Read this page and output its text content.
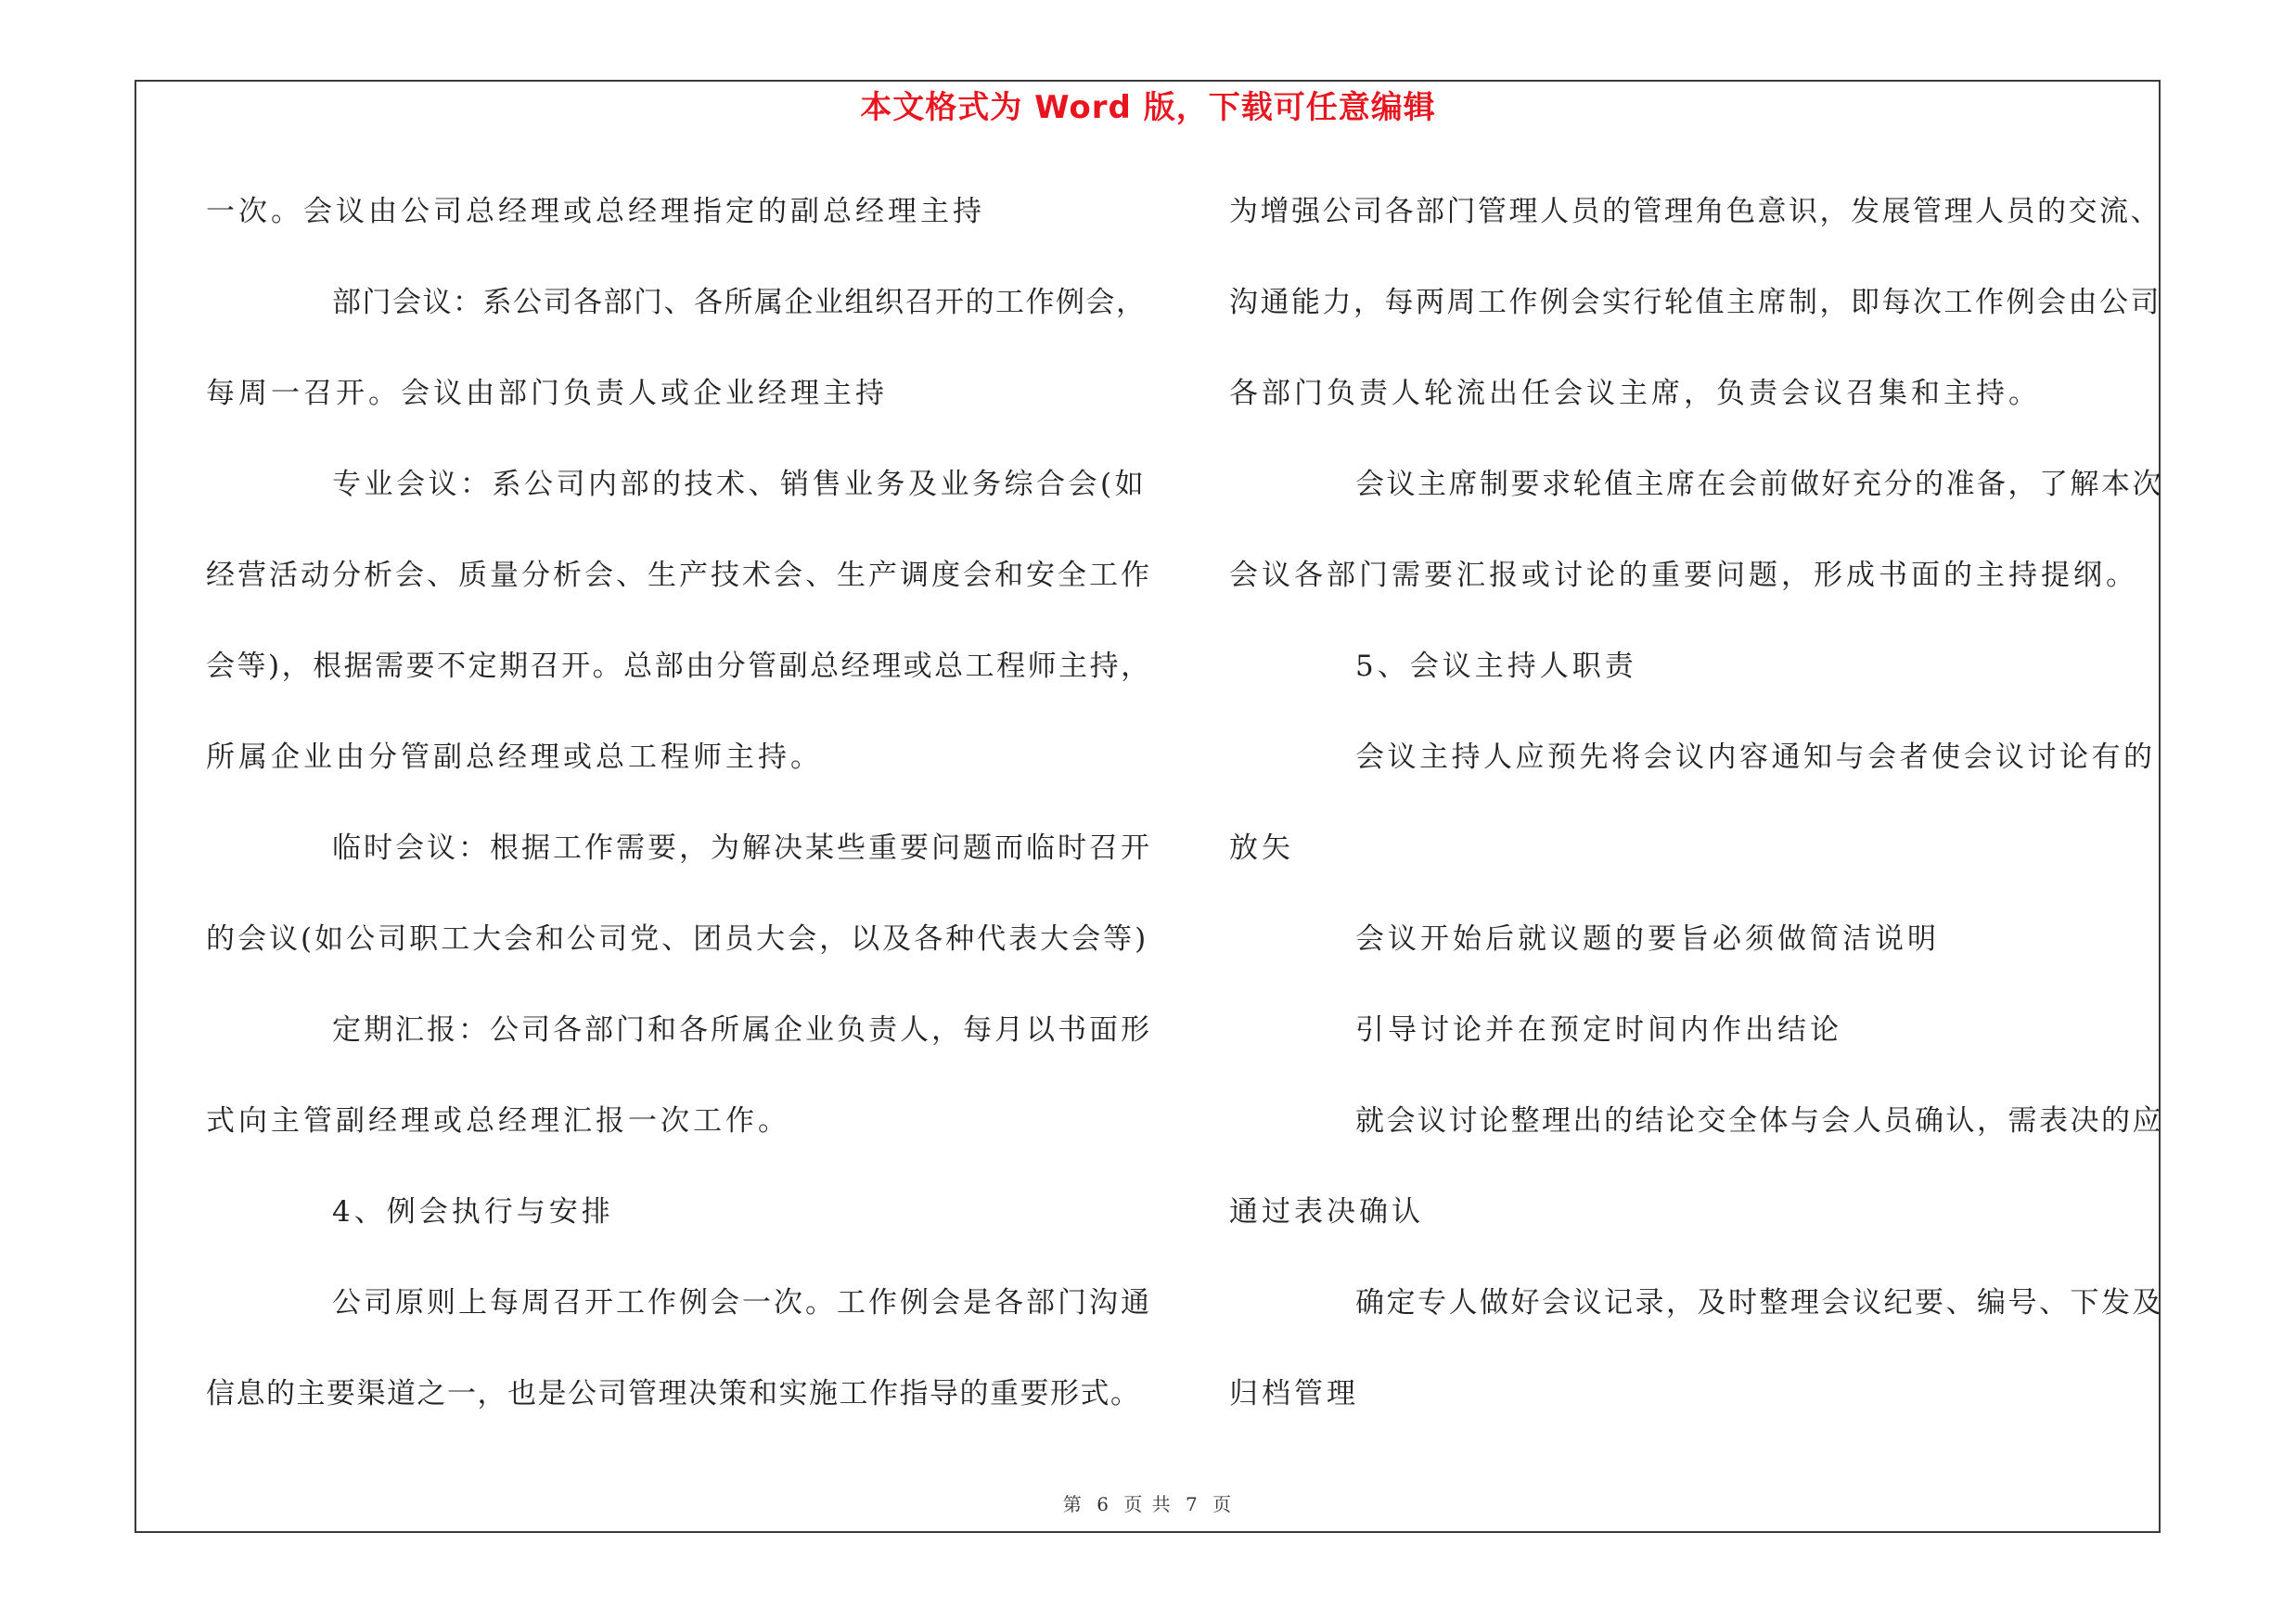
本文格式为 Word 版，下载可任意编辑
一次。会议由公司总经理或总经理指定的副总经理主持
部门会议：系公司各部门、各所属企业组织召开的工作例会，
每周一召开。会议由部门负责人或企业经理主持
专业会议：系公司内部的技术、销售业务及业务综合会(如
经营活动分析会、质量分析会、生产技术会、生产调度会和安全工作
会等)，根据需要不定期召开。总部由分管副总经理或总工程师主持，
所属企业由分管副总经理或总工程师主持。
临时会议：根据工作需要，为解决某些重要问题而临时召开
的会议(如公司职工大会和公司党、团员大会，以及各种代表大会等)
定期汇报：公司各部门和各所属企业负责人，每月以书面形
式向主管副经理或总经理汇报一次工作。
4、例会执行与安排
公司原则上每周召开工作例会一次。工作例会是各部门沟通
信息的主要渠道之一，也是公司管理决策和实施工作指导的重要形式。
为增强公司各部门管理人员的管理角色意识，发展管理人员的交流、
沟通能力，每两周工作例会实行轮值主席制，即每次工作例会由公司
各部门负责人轮流出任会议主席，负责会议召集和主持。
会议主席制要求轮值主席在会前做好充分的准备，了解本次
会议各部门需要汇报或讨论的重要问题，形成书面的主持提纲。
5、会议主持人职责
会议主持人应预先将会议内容通知与会者使会议讨论有的
放矢
会议开始后就议题的要旨必须做简洁说明
引导讨论并在预定时间内作出结论
就会议讨论整理出的结论交全体与会人员确认，需表决的应
通过表决确认
确定专人做好会议记录，及时整理会议纪要、编号、下发及
归档管理
第 6 页 共 7 页
